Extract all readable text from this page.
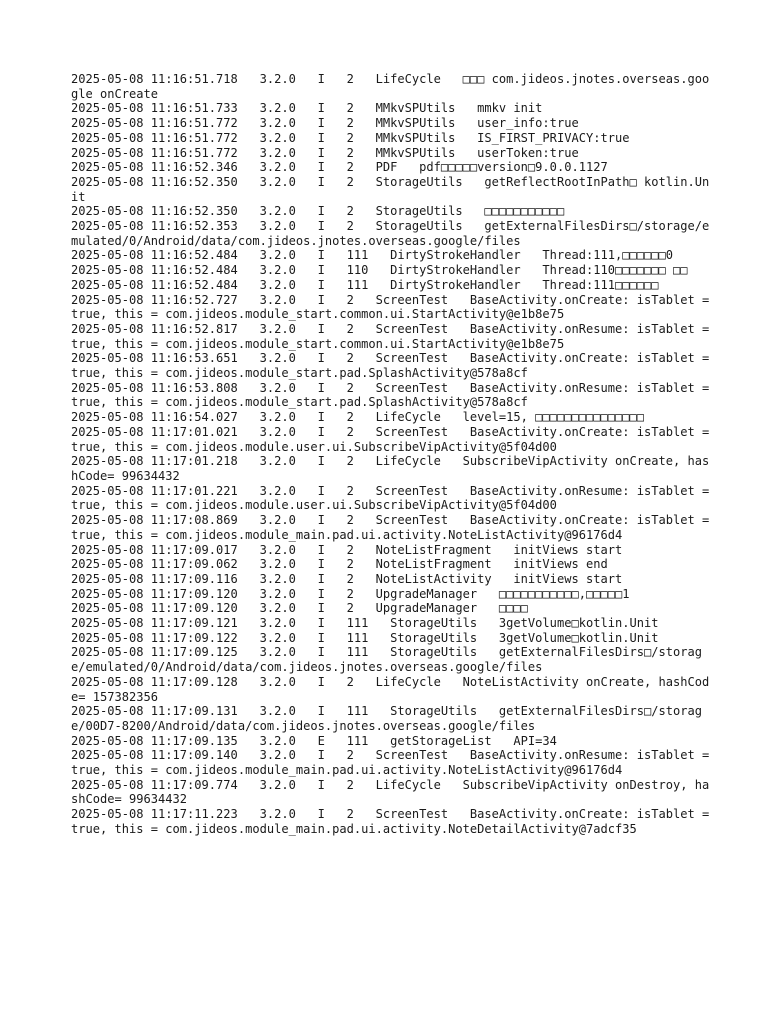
2025-05-08 11:16:51.718   3.2.0   I   2   LifeCycle   □□□ com.jideos.jnotes.overseas.google onCreate
2025-05-08 11:16:51.733   3.2.0   I   2   MMkvSPUtils   mmkv init
2025-05-08 11:16:51.772   3.2.0   I   2   MMkvSPUtils   user_info:true
2025-05-08 11:16:51.772   3.2.0   I   2   MMkvSPUtils   IS_FIRST_PRIVACY:true
2025-05-08 11:16:51.772   3.2.0   I   2   MMkvSPUtils   userToken:true
2025-05-08 11:16:52.346   3.2.0   I   2   PDF   pdf□□□□□version□9.0.0.1127
2025-05-08 11:16:52.350   3.2.0   I   2   StorageUtils   getReflectRootInPath□ kotlin.Unit
2025-05-08 11:16:52.350   3.2.0   I   2   StorageUtils   □□□□□□□□□□□
2025-05-08 11:16:52.353   3.2.0   I   2   StorageUtils   getExternalFilesDirs□/storage/emulated/0/Android/data/com.jideos.jnotes.overseas.google/files
2025-05-08 11:16:52.484   3.2.0   I   111   DirtyStrokeHandler   Thread:111,□□□□□□0
2025-05-08 11:16:52.484   3.2.0   I   110   DirtyStrokeHandler   Thread:110□□□□□□□ □□
2025-05-08 11:16:52.484   3.2.0   I   111   DirtyStrokeHandler   Thread:111□□□□□□
2025-05-08 11:16:52.727   3.2.0   I   2   ScreenTest   BaseActivity.onCreate: isTablet = true, this = com.jideos.module_start.common.ui.StartActivity@e1b8e75
2025-05-08 11:16:52.817   3.2.0   I   2   ScreenTest   BaseActivity.onResume: isTablet = true, this = com.jideos.module_start.common.ui.StartActivity@e1b8e75
2025-05-08 11:16:53.651   3.2.0   I   2   ScreenTest   BaseActivity.onCreate: isTablet = true, this = com.jideos.module_start.pad.SplashActivity@578a8cf
2025-05-08 11:16:53.808   3.2.0   I   2   ScreenTest   BaseActivity.onResume: isTablet = true, this = com.jideos.module_start.pad.SplashActivity@578a8cf
2025-05-08 11:16:54.027   3.2.0   I   2   LifeCycle   level=15, □□□□□□□□□□□□□□□
2025-05-08 11:17:01.021   3.2.0   I   2   ScreenTest   BaseActivity.onCreate: isTablet = true, this = com.jideos.module.user.ui.SubscribeVipActivity@5f04d00
2025-05-08 11:17:01.218   3.2.0   I   2   LifeCycle   SubscribeVipActivity onCreate, hashCode= 99634432
2025-05-08 11:17:01.221   3.2.0   I   2   ScreenTest   BaseActivity.onResume: isTablet = true, this = com.jideos.module.user.ui.SubscribeVipActivity@5f04d00
2025-05-08 11:17:08.869   3.2.0   I   2   ScreenTest   BaseActivity.onCreate: isTablet = true, this = com.jideos.module_main.pad.ui.activity.NoteListActivity@96176d4
2025-05-08 11:17:09.017   3.2.0   I   2   NoteListFragment   initViews start
2025-05-08 11:17:09.062   3.2.0   I   2   NoteListFragment   initViews end
2025-05-08 11:17:09.116   3.2.0   I   2   NoteListActivity   initViews start
2025-05-08 11:17:09.120   3.2.0   I   2   UpgradeManager   □□□□□□□□□□□,□□□□□1
2025-05-08 11:17:09.120   3.2.0   I   2   UpgradeManager   □□□□
2025-05-08 11:17:09.121   3.2.0   I   111   StorageUtils   3getVolume□kotlin.Unit
2025-05-08 11:17:09.122   3.2.0   I   111   StorageUtils   3getVolume□kotlin.Unit
2025-05-08 11:17:09.125   3.2.0   I   111   StorageUtils   getExternalFilesDirs□/storage/emulated/0/Android/data/com.jideos.jnotes.overseas.google/files
2025-05-08 11:17:09.128   3.2.0   I   2   LifeCycle   NoteListActivity onCreate, hashCode= 157382356
2025-05-08 11:17:09.131   3.2.0   I   111   StorageUtils   getExternalFilesDirs□/storage/00D7-8200/Android/data/com.jideos.jnotes.overseas.google/files
2025-05-08 11:17:09.135   3.2.0   E   111   getStorageList   API=34
2025-05-08 11:17:09.140   3.2.0   I   2   ScreenTest   BaseActivity.onResume: isTablet = true, this = com.jideos.module_main.pad.ui.activity.NoteListActivity@96176d4
2025-05-08 11:17:09.774   3.2.0   I   2   LifeCycle   SubscribeVipActivity onDestroy, hashCode= 99634432
2025-05-08 11:17:11.223   3.2.0   I   2   ScreenTest   BaseActivity.onCreate: isTablet = true, this = com.jideos.module_main.pad.ui.activity.NoteDetailActivity@7adcf35
